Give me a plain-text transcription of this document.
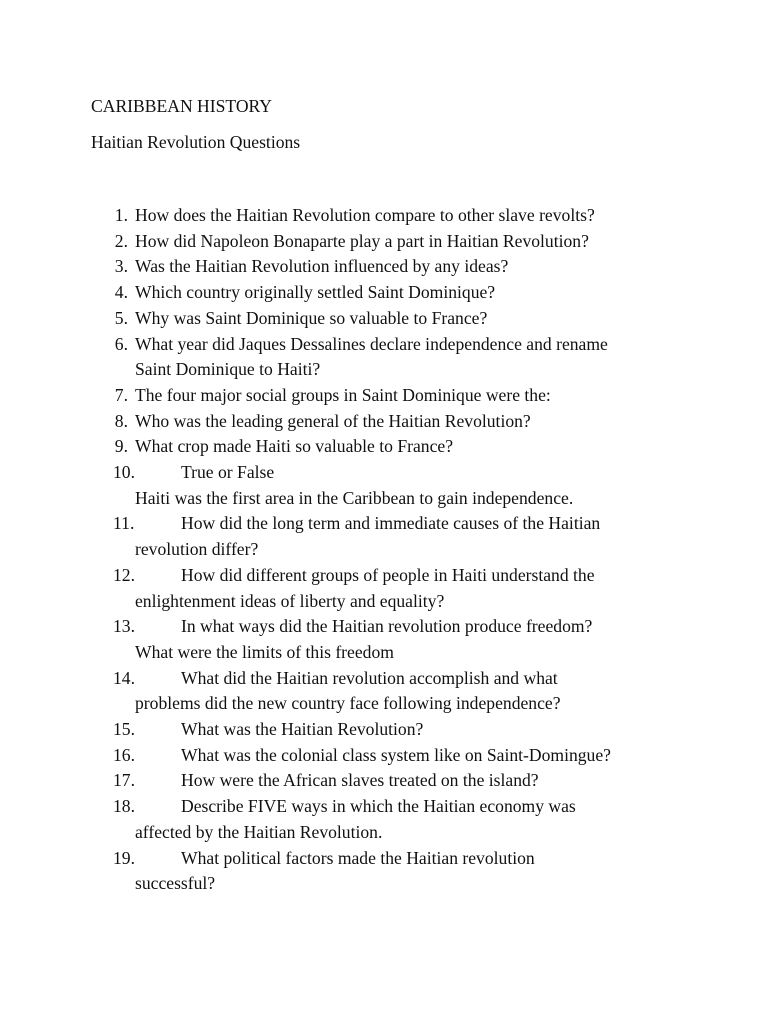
CARIBBEAN HISTORY
Haitian Revolution Questions
1. How does the Haitian Revolution compare to other slave revolts?
2. How did Napoleon Bonaparte play a part in Haitian Revolution?
3. Was the Haitian Revolution influenced by any ideas?
4. Which country originally settled Saint Dominique?
5. Why was Saint Dominique so valuable to France?
6. What year did Jaques Dessalines declare independence and rename
Saint Dominique to Haiti?
7. The four major social groups in Saint Dominique were the:
8. Who was the leading general of the Haitian Revolution?
9. What crop made Haiti so valuable to France?
10.	True or False
Haiti was the first area in the Caribbean to gain independence.
11.	How did the long term and immediate causes of the Haitian
revolution differ?
12.	How did different groups of people in Haiti understand the
enlightenment ideas of liberty and equality?
13.	In what ways did the Haitian revolution produce freedom?
What were the limits of this freedom
14.	What did the Haitian revolution accomplish and what
problems did the new country face following independence?
15.	What was the Haitian Revolution?
16.	What was the colonial class system like on Saint-Domingue?
17.	How were the African slaves treated on the island?
18.	Describe FIVE ways in which the Haitian economy was
affected by the Haitian Revolution.
19.	What political factors made the Haitian revolution
successful?
